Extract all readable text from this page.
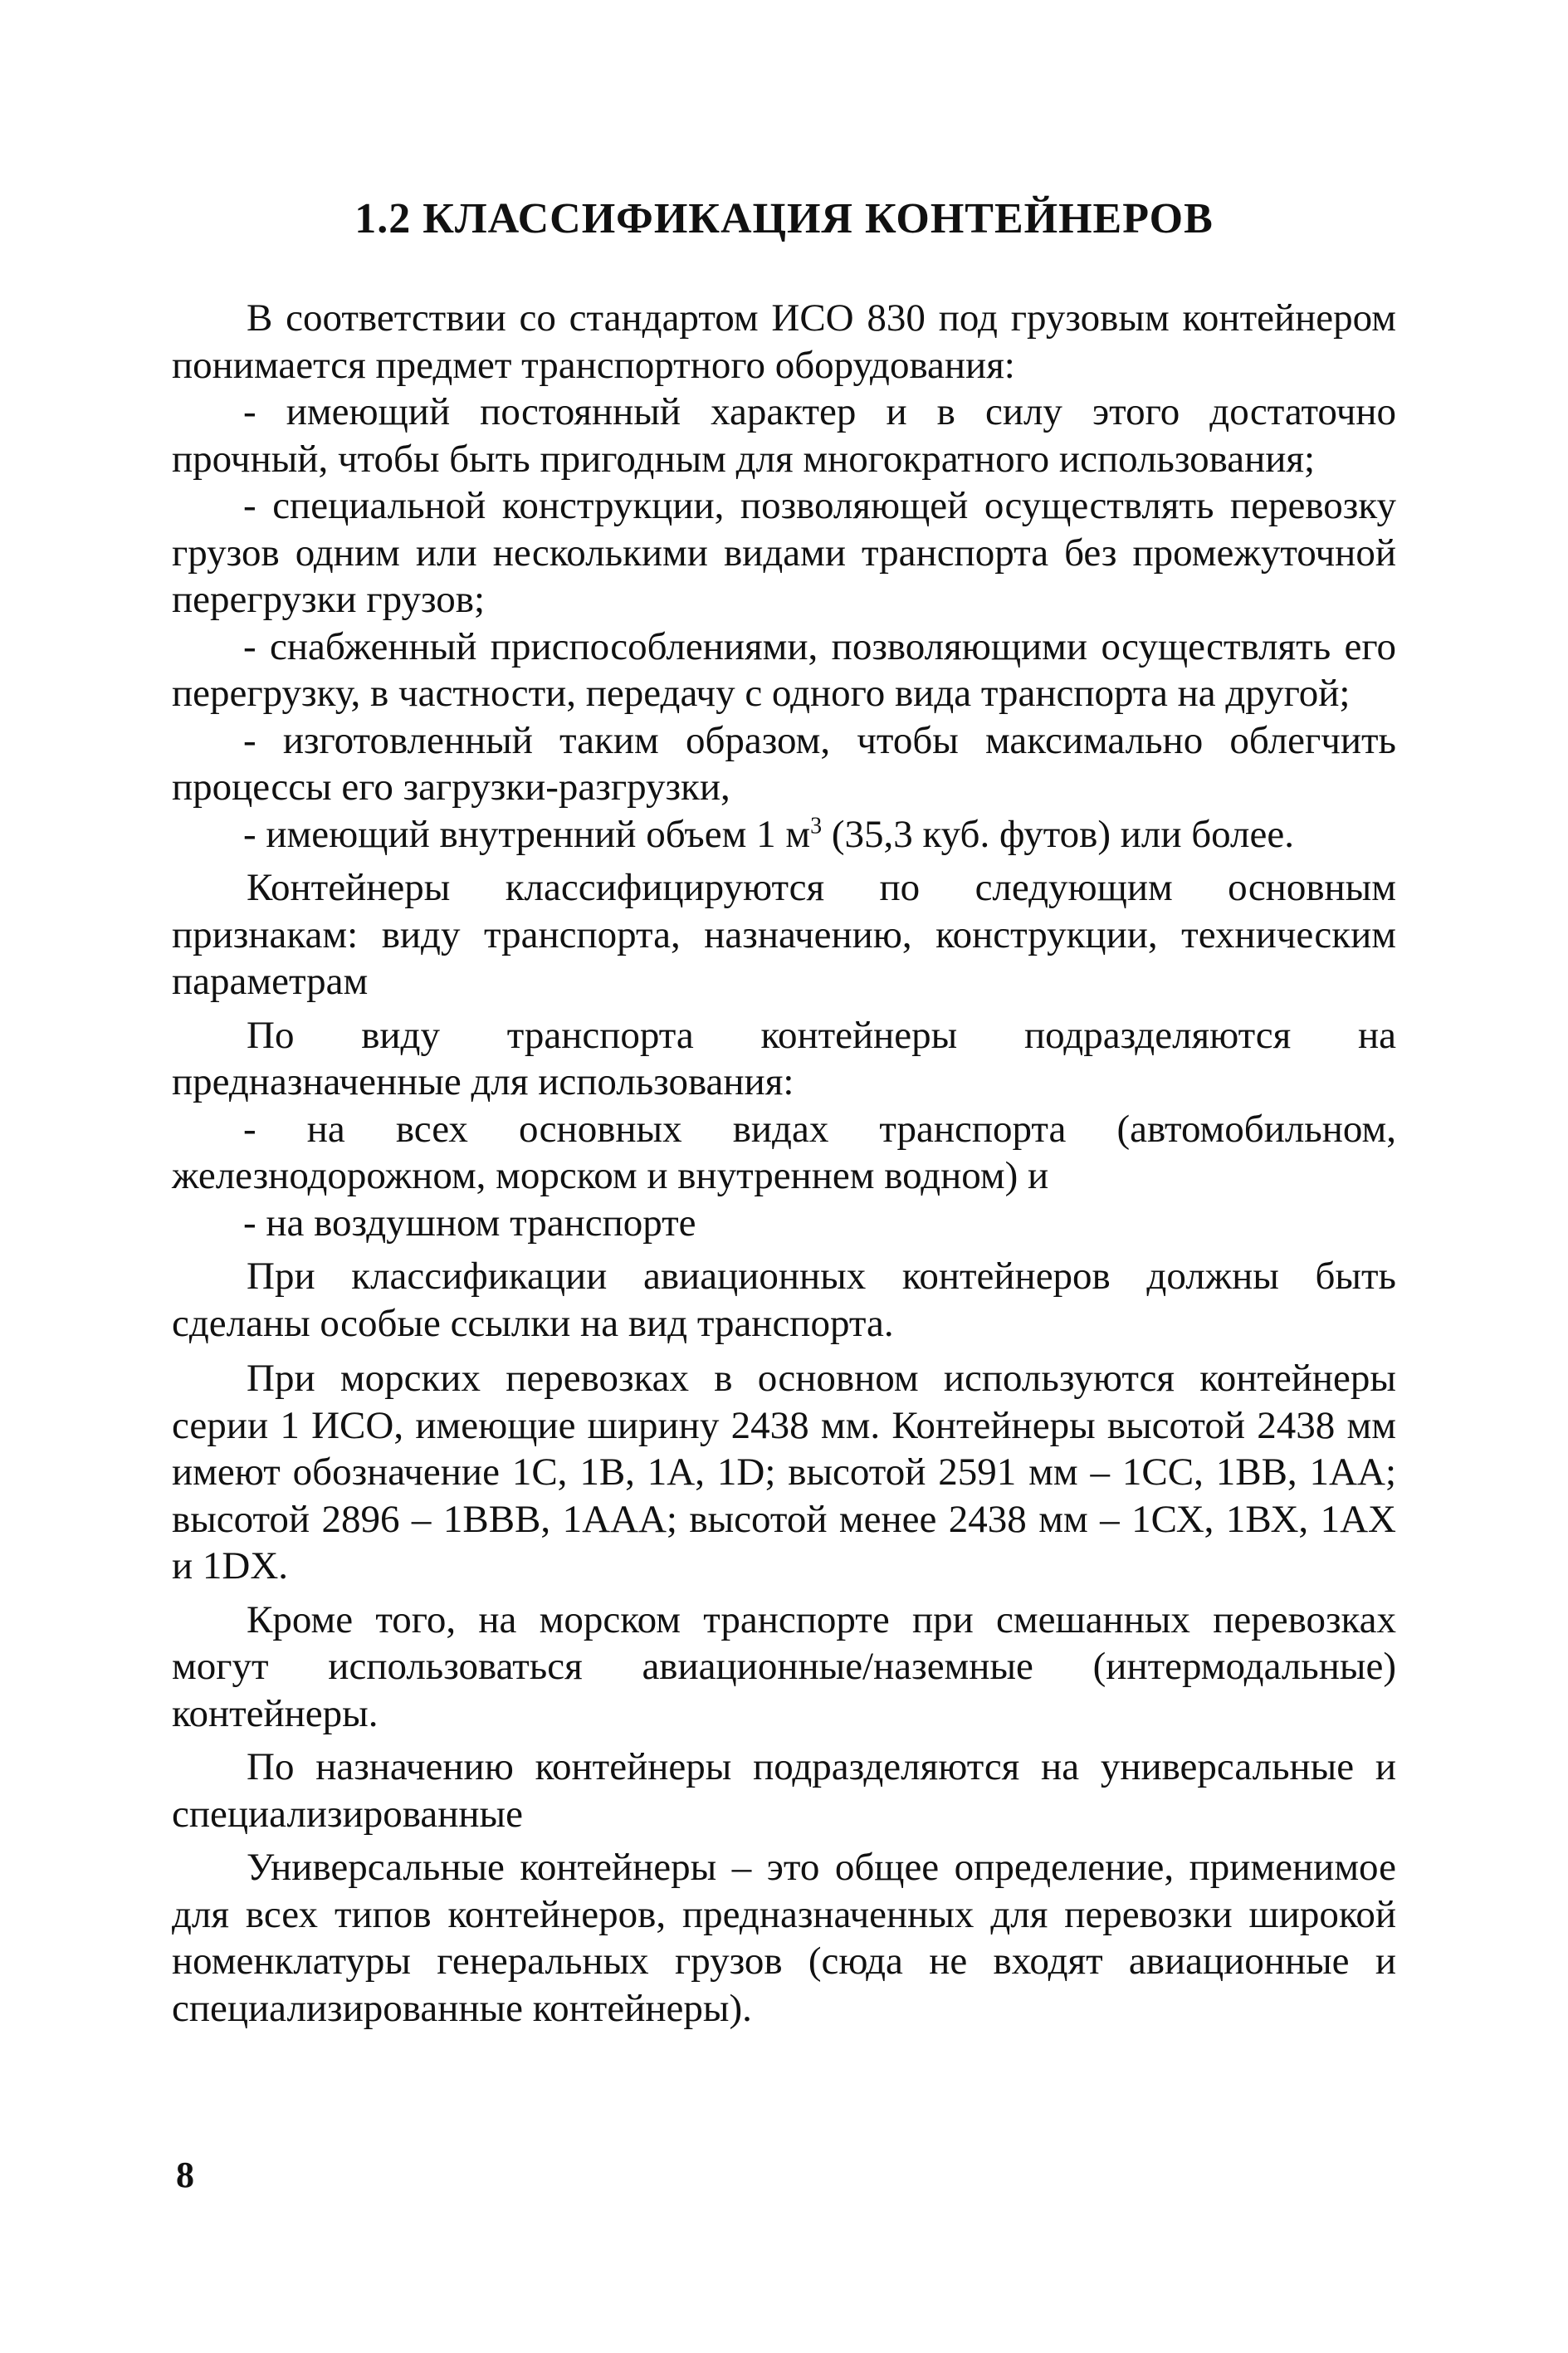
1.2 КЛАССИФИКАЦИЯ КОНТЕЙНЕРОВ

В соответствии со стандартом ИСО 830 под грузовым контейнером понимается предмет транспортного оборудования:

- имеющий постоянный характер и в силу этого достаточно прочный, чтобы быть пригодным для многократного использования;

- специальной конструкции, позволяющей осуществлять перевозку грузов одним или несколькими видами транспорта без промежуточной перегрузки грузов;

- снабженный приспособлениями, позволяющими осуществлять его перегрузку, в частности, передачу с одного вида транспорта на другой;

- изготовленный таким образом, чтобы максимально облегчить процессы его загрузки-разгрузки,

- имеющий внутренний объем 1 $м^3$ (35,3 куб. футов) или более.

Контейнеры классифицируются по следующим основным признакам: виду транспорта, назначению, конструкции, техническим параметрам

По виду транспорта контейнеры подразделяются на предназначенные для использования:

- на всех основных видах транспорта (автомобильном, железнодорожном, морском и внутреннем водном) и

- на воздушном транспорте

При классификации авиационных контейнеров должны быть сделаны особые ссылки на вид транспорта.

При морских перевозках в основном используются контейнеры серии 1 ИСО, имеющие ширину 2438 мм. Контейнеры высотой 2438 мм имеют обозначение 1С, 1В, 1А, 1D; высотой 2591 мм – 1СС, 1ВВ, 1АА; высотой 2896 – 1ВВВ, 1ААА; высотой менее 2438 мм – 1СХ, 1ВХ, 1АХ и 1DХ.

Кроме того, на морском транспорте при смешанных перевозках могут использоваться авиационные/наземные (интермодальные) контейнеры.

По назначению контейнеры подразделяются на универсальные и специализированные

Универсальные контейнеры – это общее определение, применимое для всех типов контейнеров, предназначенных для перевозки широкой номенклатуры генеральных грузов (сюда не входят авиационные и специализированные контейнеры).

8
